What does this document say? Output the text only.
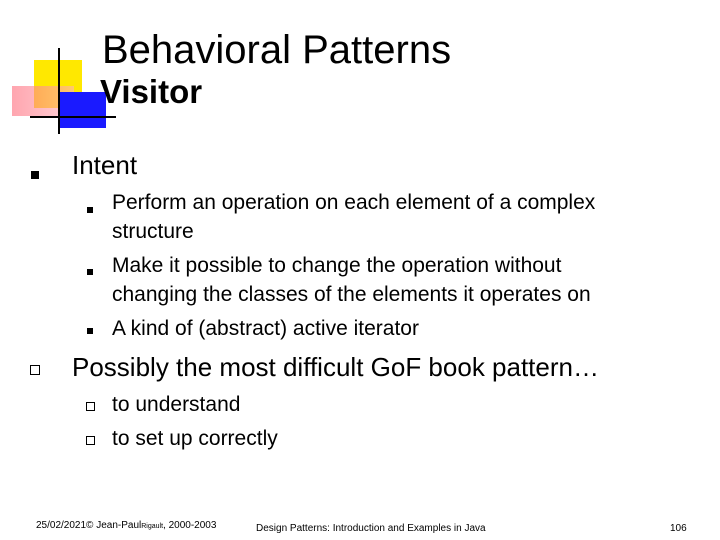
Behavioral Patterns
Visitor
Intent
Perform an operation on each element of a complex
structure
Make it possible to change the operation without
changing the classes of the elements it operates on
A kind of (abstract) active iterator
Possibly the most difficult GoF book pattern…
to understand
to set up correctly
25/02/2021© Jean-PaulRigault, 2000-2003	Design Patterns: Introduction and Examples in Java	106
